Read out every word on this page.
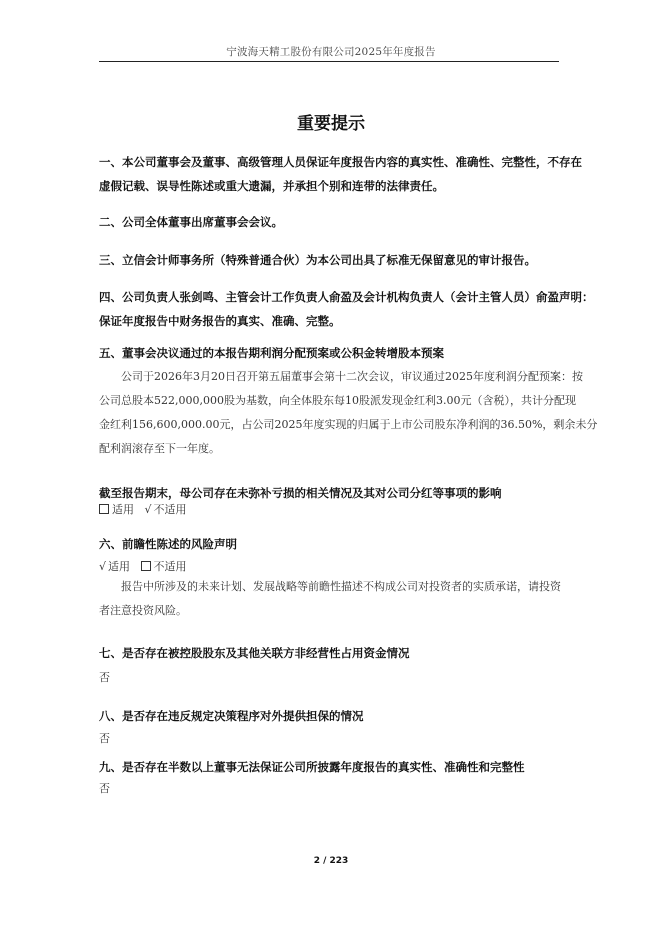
宁波海天精工股份有限公司2025年年度报告
重要提示
一、本公司董事会及董事、高级管理人员保证年度报告内容的真实性、准确性、完整性，不存在
虚假记载、误导性陈述或重大遗漏，并承担个别和连带的法律责任。
二、公司全体董事出席董事会会议。
三、立信会计师事务所（特殊普通合伙）为本公司出具了标准无保留意见的审计报告。
四、公司负责人张剑鸣、主管会计工作负责人俞盈及会计机构负责人（会计主管人员）俞盈声明：
保证年度报告中财务报告的真实、准确、完整。
五、董事会决议通过的本报告期利润分配预案或公积金转增股本预案
公司于2026年3月20日召开第五届董事会第十二次会议，审议通过2025年度利润分配预案：按
公司总股本522,000,000股为基数，向全体股东每10股派发现金红利3.00元（含税），共计分配现
金红利156,600,000.00元，占公司2025年度实现的归属于上市公司股东净利润的36.50%，剩余未分
配利润滚存至下一年度。
截至报告期末，母公司存在未弥补亏损的相关情况及其对公司分红等事项的影响
适用 √ 不适用
六、前瞻性陈述的风险声明
√ 适用 不适用
报告中所涉及的未来计划、发展战略等前瞻性描述不构成公司对投资者的实质承诺，请投资
者注意投资风险。
七、是否存在被控股股东及其他关联方非经营性占用资金情况
否
八、是否存在违反规定决策程序对外提供担保的情况
否
九、是否存在半数以上董事无法保证公司所披露年度报告的真实性、准确性和完整性
否
2 / 223
